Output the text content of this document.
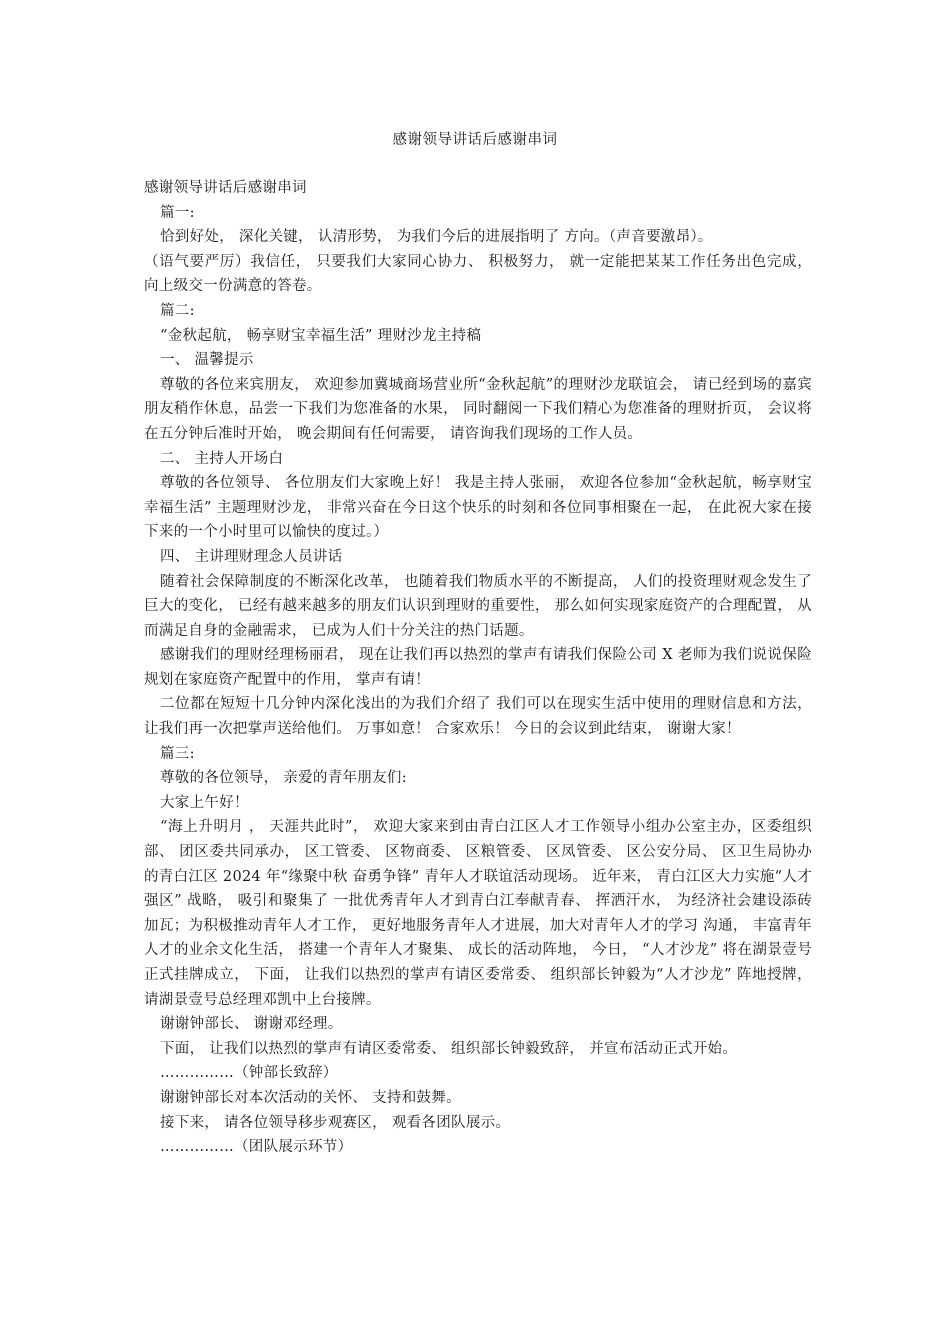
感谢领导讲话后感谢串词

感谢领导讲话后感谢串词

篇一:

恰到好处， 深化关键， 认清形势， 为我们今后的进展指明了 方向。（声音要激昂）。

（语气要严厉）我信任， 只要我们大家同心协力、 积极努力， 就一定能把某某工作任务出色完成， 向上级交一份满意的答卷。

篇二:

“金秋起航， 畅享财宝幸福生活” 理财沙龙主持稿

一、 温馨提示

尊敬的各位来宾朋友， 欢迎参加冀城商场营业所“金秋起航”的理财沙龙联谊会， 请已经到场的嘉宾朋友稍作休息，品尝一下我们为您准备的水果， 同时翻阅一下我们精心为您准备的理财折页， 会议将在五分钟后准时开始， 晚会期间有任何需要， 请咨询我们现场的工作人员。

二、 主持人开场白

尊敬的各位领导、 各位朋友们大家晚上好！ 我是主持人张丽， 欢迎各位参加“金秋起航，畅享财宝幸福生活” 主题理财沙龙， 非常兴奋在今日这个快乐的时刻和各位同事相聚在一起， 在此祝大家在接下来的一个小时里可以愉快的度过。）

四、 主讲理财理念人员讲话

随着社会保障制度的不断深化改革， 也随着我们物质水平的不断提高， 人们的投资理财观念发生了 巨大的变化， 已经有越来越多的朋友们认识到理财的重要性， 那么如何实现家庭资产的合理配置， 从而满足自身的金融需求， 已成为人们十分关注的热门话题。

感谢我们的理财经理杨丽君， 现在让我们再以热烈的掌声有请我们保险公司 X 老师为我们说说保险规划在家庭资产配置中的作用， 掌声有请！

二位都在短短十几分钟内深化浅出的为我们介绍了 我们可以在现实生活中使用的理财信息和方法， 让我们再一次把掌声送给他们。 万事如意！ 合家欢乐！ 今日的会议到此结束， 谢谢大家！

篇三:

尊敬的各位领导， 亲爱的青年朋友们:

大家上午好！

“海上升明月 ， 天涯共此时”， 欢迎大家来到由青白江区人才工作领导小组办公室主办，区委组织部、 团区委共同承办， 区工管委、 区物商委、 区粮管委、 区凤管委、 区公安分局、 区卫生局协办的青白江区 2024 年“缘聚中秋 奋勇争锋” 青年人才联谊活动现场。 近年来， 青白江区大力实施“人才强区” 战略， 吸引和聚集了 一批优秀青年人才到青白江奉献青春、 挥洒汗水， 为经济社会建设添砖加瓦；为积极推动青年人才工作， 更好地服务青年人才进展，加大对青年人才的学习 沟通， 丰富青年人才的业余文化生活， 搭建一个青年人才聚集、 成长的活动阵地， 今日， “人才沙龙” 将在湖景壹号正式挂牌成立， 下面， 让我们以热烈的掌声有请区委常委、 组织部长钟毅为“人才沙龙” 阵地授牌， 请湖景壹号总经理邓凯中上台接牌。

谢谢钟部长、 谢谢邓经理。

下面， 让我们以热烈的掌声有请区委常委、 组织部长钟毅致辞， 并宣布活动正式开始。

……………（钟部长致辞）

谢谢钟部长对本次活动的关怀、 支持和鼓舞。

接下来， 请各位领导移步观赛区， 观看各团队展示。

……………（团队展示环节）
